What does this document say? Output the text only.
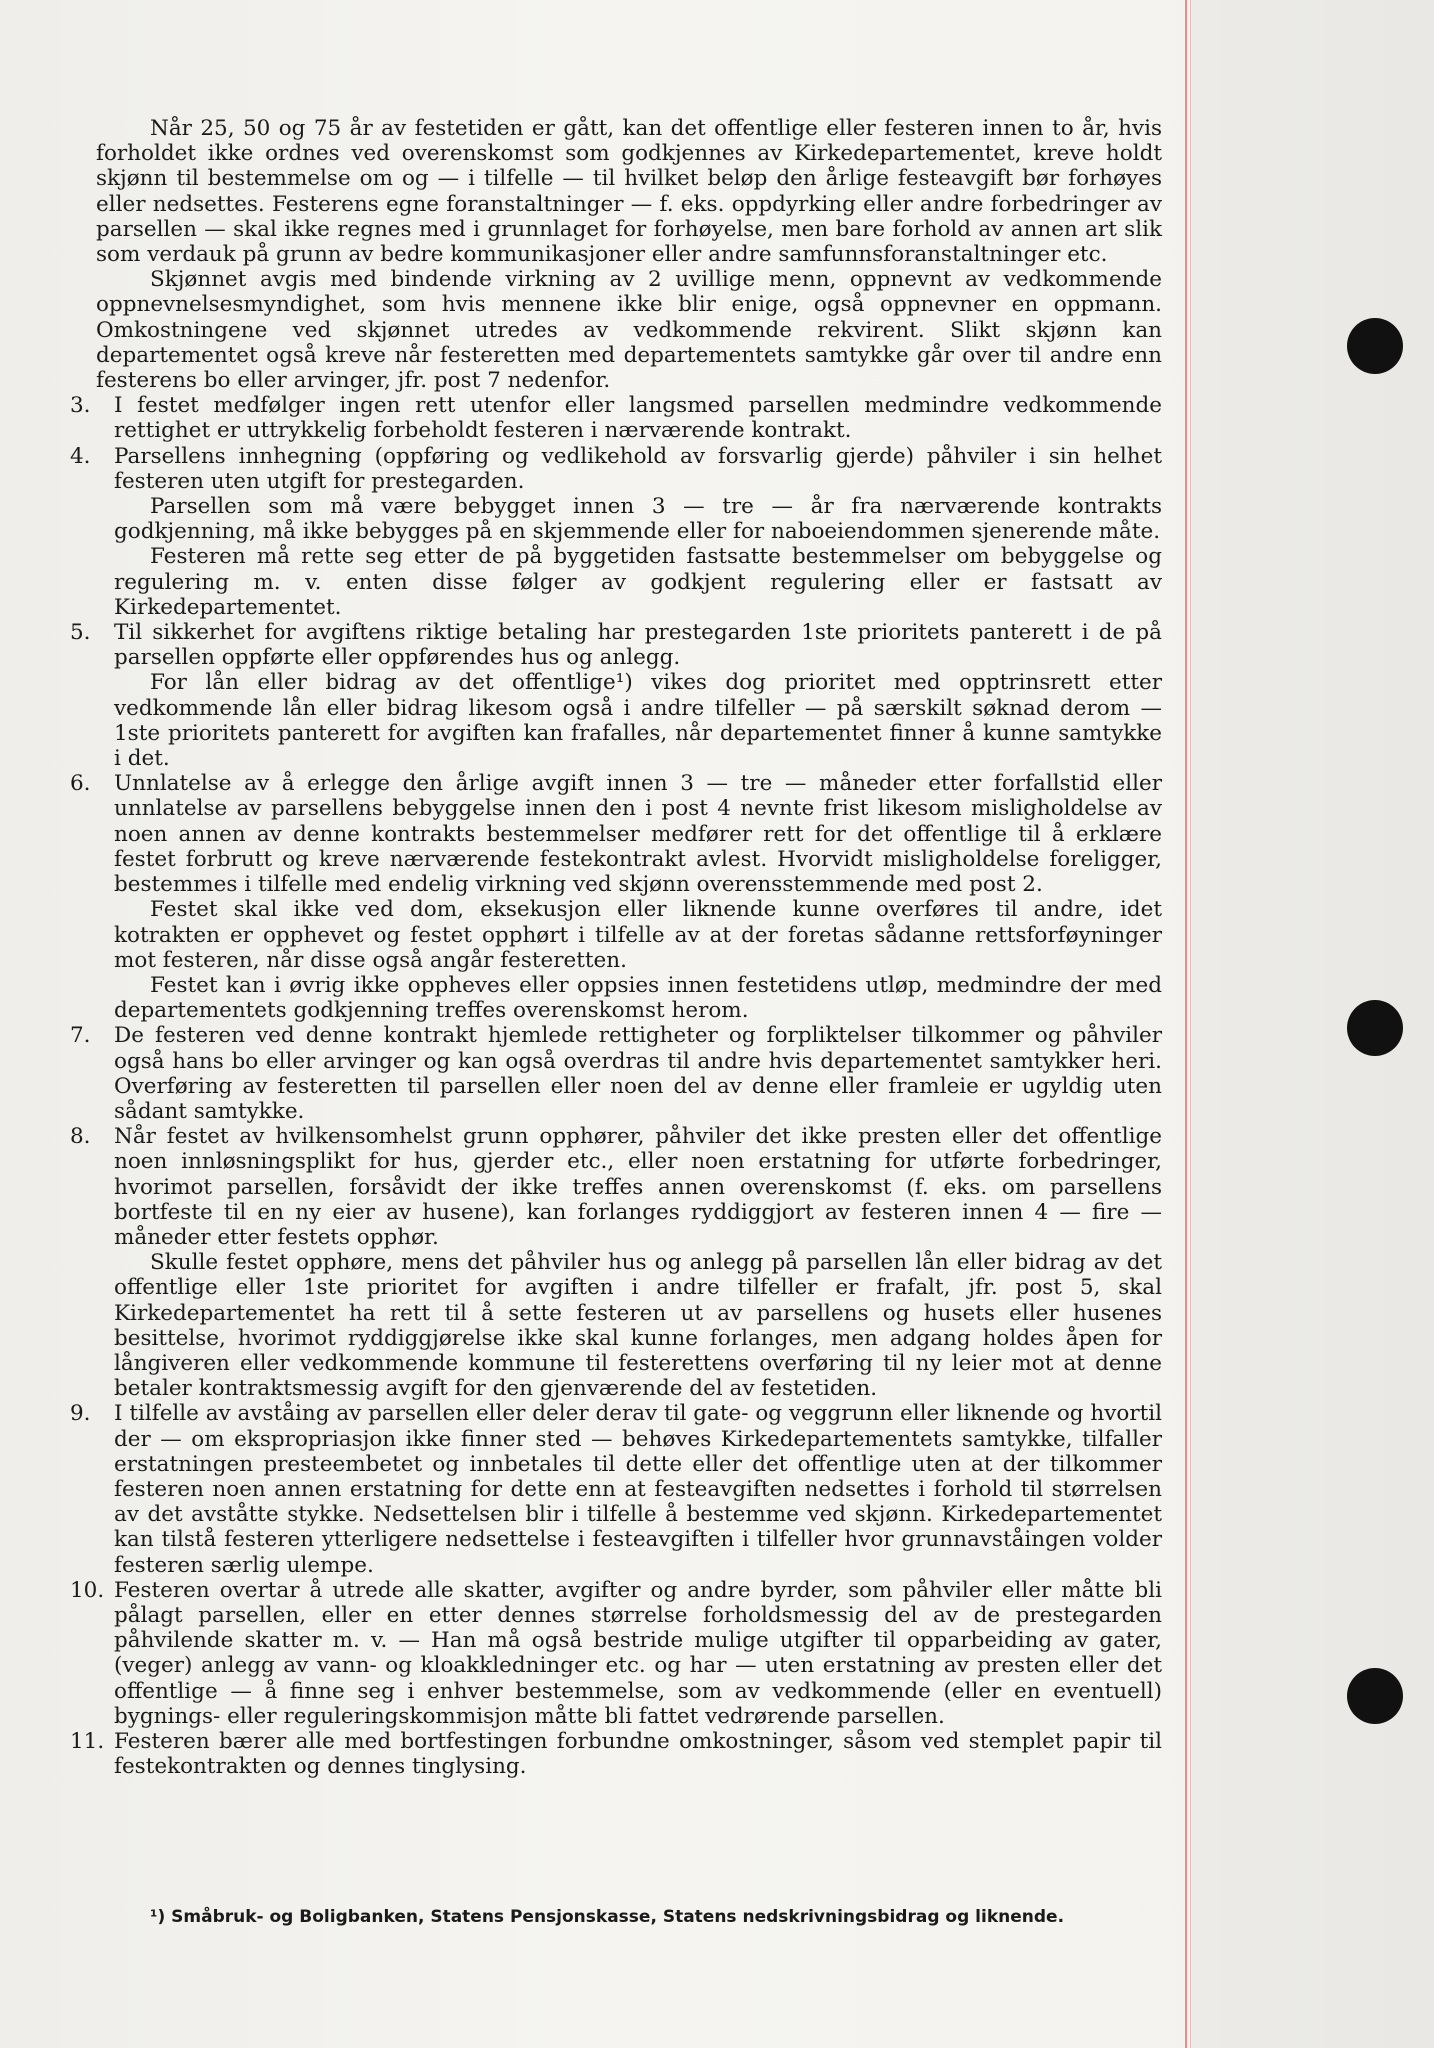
Når 25, 50 og 75 år av festetiden er gått, kan det offentlige eller festeren innen to år, hvis forholdet ikke ordnes ved overenskomst som godkjennes av Kirkedepartementet, kreve holdt skjønn til bestemmelse om og — i tilfelle — til hvilket beløp den årlige festeavgift bør forhøyes eller nedsettes. Festerens egne foranstaltninger — f. eks. oppdyrking eller andre forbedringer av parsellen — skal ikke regnes med i grunnlaget for forhøyelse, men bare forhold av annen art slik som verdauk på grunn av bedre kommunikasjoner eller andre samfunnsforanstaltninger etc.

Skjønnet avgis med bindende virkning av 2 uvillige menn, oppnevnt av vedkommende oppnevnelsesmyndighet, som hvis mennene ikke blir enige, også oppnevner en oppmann. Omkostningene ved skjønnet utredes av vedkommende rekvirent. Slikt skjønn kan departementet også kreve når festeretten med departementets samtykke går over til andre enn festerens bo eller arvinger, jfr. post 7 nedenfor.

3.	I festet medfølger ingen rett utenfor eller langsmed parsellen medmindre vedkommende rettighet er uttrykkelig forbeholdt festeren i nærværende kontrakt.

4.	Parsellens innhegning (oppføring og vedlikehold av forsvarlig gjerde) påhviler i sin helhet festeren uten utgift for prestegarden.

Parsellen som må være bebygget innen 3 — tre — år fra nærværende kontrakts godkjenning, må ikke bebygges på en skjemmende eller for naboeiendommen sjenerende måte.

Festeren må rette seg etter de på byggetiden fastsatte bestemmelser om bebyggelse og regulering m. v. enten disse følger av godkjent regulering eller er fastsatt av Kirkedepartementet.

5.	Til sikkerhet for avgiftens riktige betaling har prestegarden 1ste prioritets panterett i de på parsellen oppførte eller oppførendes hus og anlegg.

For lån eller bidrag av det offentlige¹) vikes dog prioritet med opptrinsrett etter vedkommende lån eller bidrag likesom også i andre tilfeller — på særskilt søknad derom — 1ste prioritets panterett for avgiften kan frafalles, når departementet finner å kunne samtykke i det.

6.	Unnlatelse av å erlegge den årlige avgift innen 3 — tre — måneder etter forfallstid eller unnlatelse av parsellens bebyggelse innen den i post 4 nevnte frist likesom misligholdelse av noen annen av denne kontrakts bestemmelser medfører rett for det offentlige til å erklære festet forbrutt og kreve nærværende festekontrakt avlest. Hvorvidt misligholdelse foreligger, bestemmes i tilfelle med endelig virkning ved skjønn overensstemmende med post 2.

Festet skal ikke ved dom, eksekusjon eller liknende kunne overføres til andre, idet kotrakten er opphevet og festet opphørt i tilfelle av at der foretas sådanne rettsforføyninger mot festeren, når disse også angår festeretten.

Festet kan i øvrig ikke oppheves eller oppsies innen festetidens utløp, medmindre der med departementets godkjenning treffes overenskomst herom.

7.	De festeren ved denne kontrakt hjemlede rettigheter og forpliktelser tilkommer og påhviler også hans bo eller arvinger og kan også overdras til andre hvis departementet samtykker heri. Overføring av festeretten til parsellen eller noen del av denne eller framleie er ugyldig uten sådant samtykke.

8.	Når festet av hvilkensomhelst grunn opphører, påhviler det ikke presten eller det offentlige noen innløsningsplikt for hus, gjerder etc., eller noen erstatning for utførte forbedringer, hvorimot parsellen, forsåvidt der ikke treffes annen overenskomst (f. eks. om parsellens bortfeste til en ny eier av husene), kan forlanges ryddiggjort av festeren innen 4 — fire — måneder etter festets opphør.

Skulle festet opphøre, mens det påhviler hus og anlegg på parsellen lån eller bidrag av det offentlige eller 1ste prioritet for avgiften i andre tilfeller er frafalt, jfr. post 5, skal Kirkedepartementet ha rett til å sette festeren ut av parsellens og husets eller husenes besittelse, hvorimot ryddiggjørelse ikke skal kunne forlanges, men adgang holdes åpen for långiveren eller vedkommende kommune til festerettens overføring til ny leier mot at denne betaler kontraktsmessig avgift for den gjenværende del av festetiden.

9.	I tilfelle av avståing av parsellen eller deler derav til gate- og veggrunn eller liknende og hvortil der — om ekspropriasjon ikke finner sted — behøves Kirkedepartementets samtykke, tilfaller erstatningen presteembetet og innbetales til dette eller det offentlige uten at der tilkommer festeren noen annen erstatning for dette enn at festeavgiften nedsettes i forhold til størrelsen av det avståtte stykke. Nedsettelsen blir i tilfelle å bestemme ved skjønn. Kirkedepartementet kan tilstå festeren ytterligere nedsettelse i festeavgiften i tilfeller hvor grunnavståingen volder festeren særlig ulempe.

10. Festeren overtar å utrede alle skatter, avgifter og andre byrder, som påhviler eller måtte bli pålagt parsellen, eller en etter dennes størrelse forholdsmessig del av de prestegarden påhvilende skatter m. v. — Han må også bestride mulige utgifter til opparbeiding av gater, (veger) anlegg av vann- og kloakkledninger etc. og har — uten erstatning av presten eller det offentlige — å finne seg i enhver bestemmelse, som av vedkommende (eller en eventuell) bygnings- eller reguleringskommisjon måtte bli fattet vedrørende parsellen.

11. Festeren bærer alle med bortfestingen forbundne omkostninger, såsom ved stemplet papir til festekontrakten og dennes tinglysing.

¹) Småbruk- og Boligbanken, Statens Pensjonskasse, Statens nedskrivningsbidrag og liknende.
